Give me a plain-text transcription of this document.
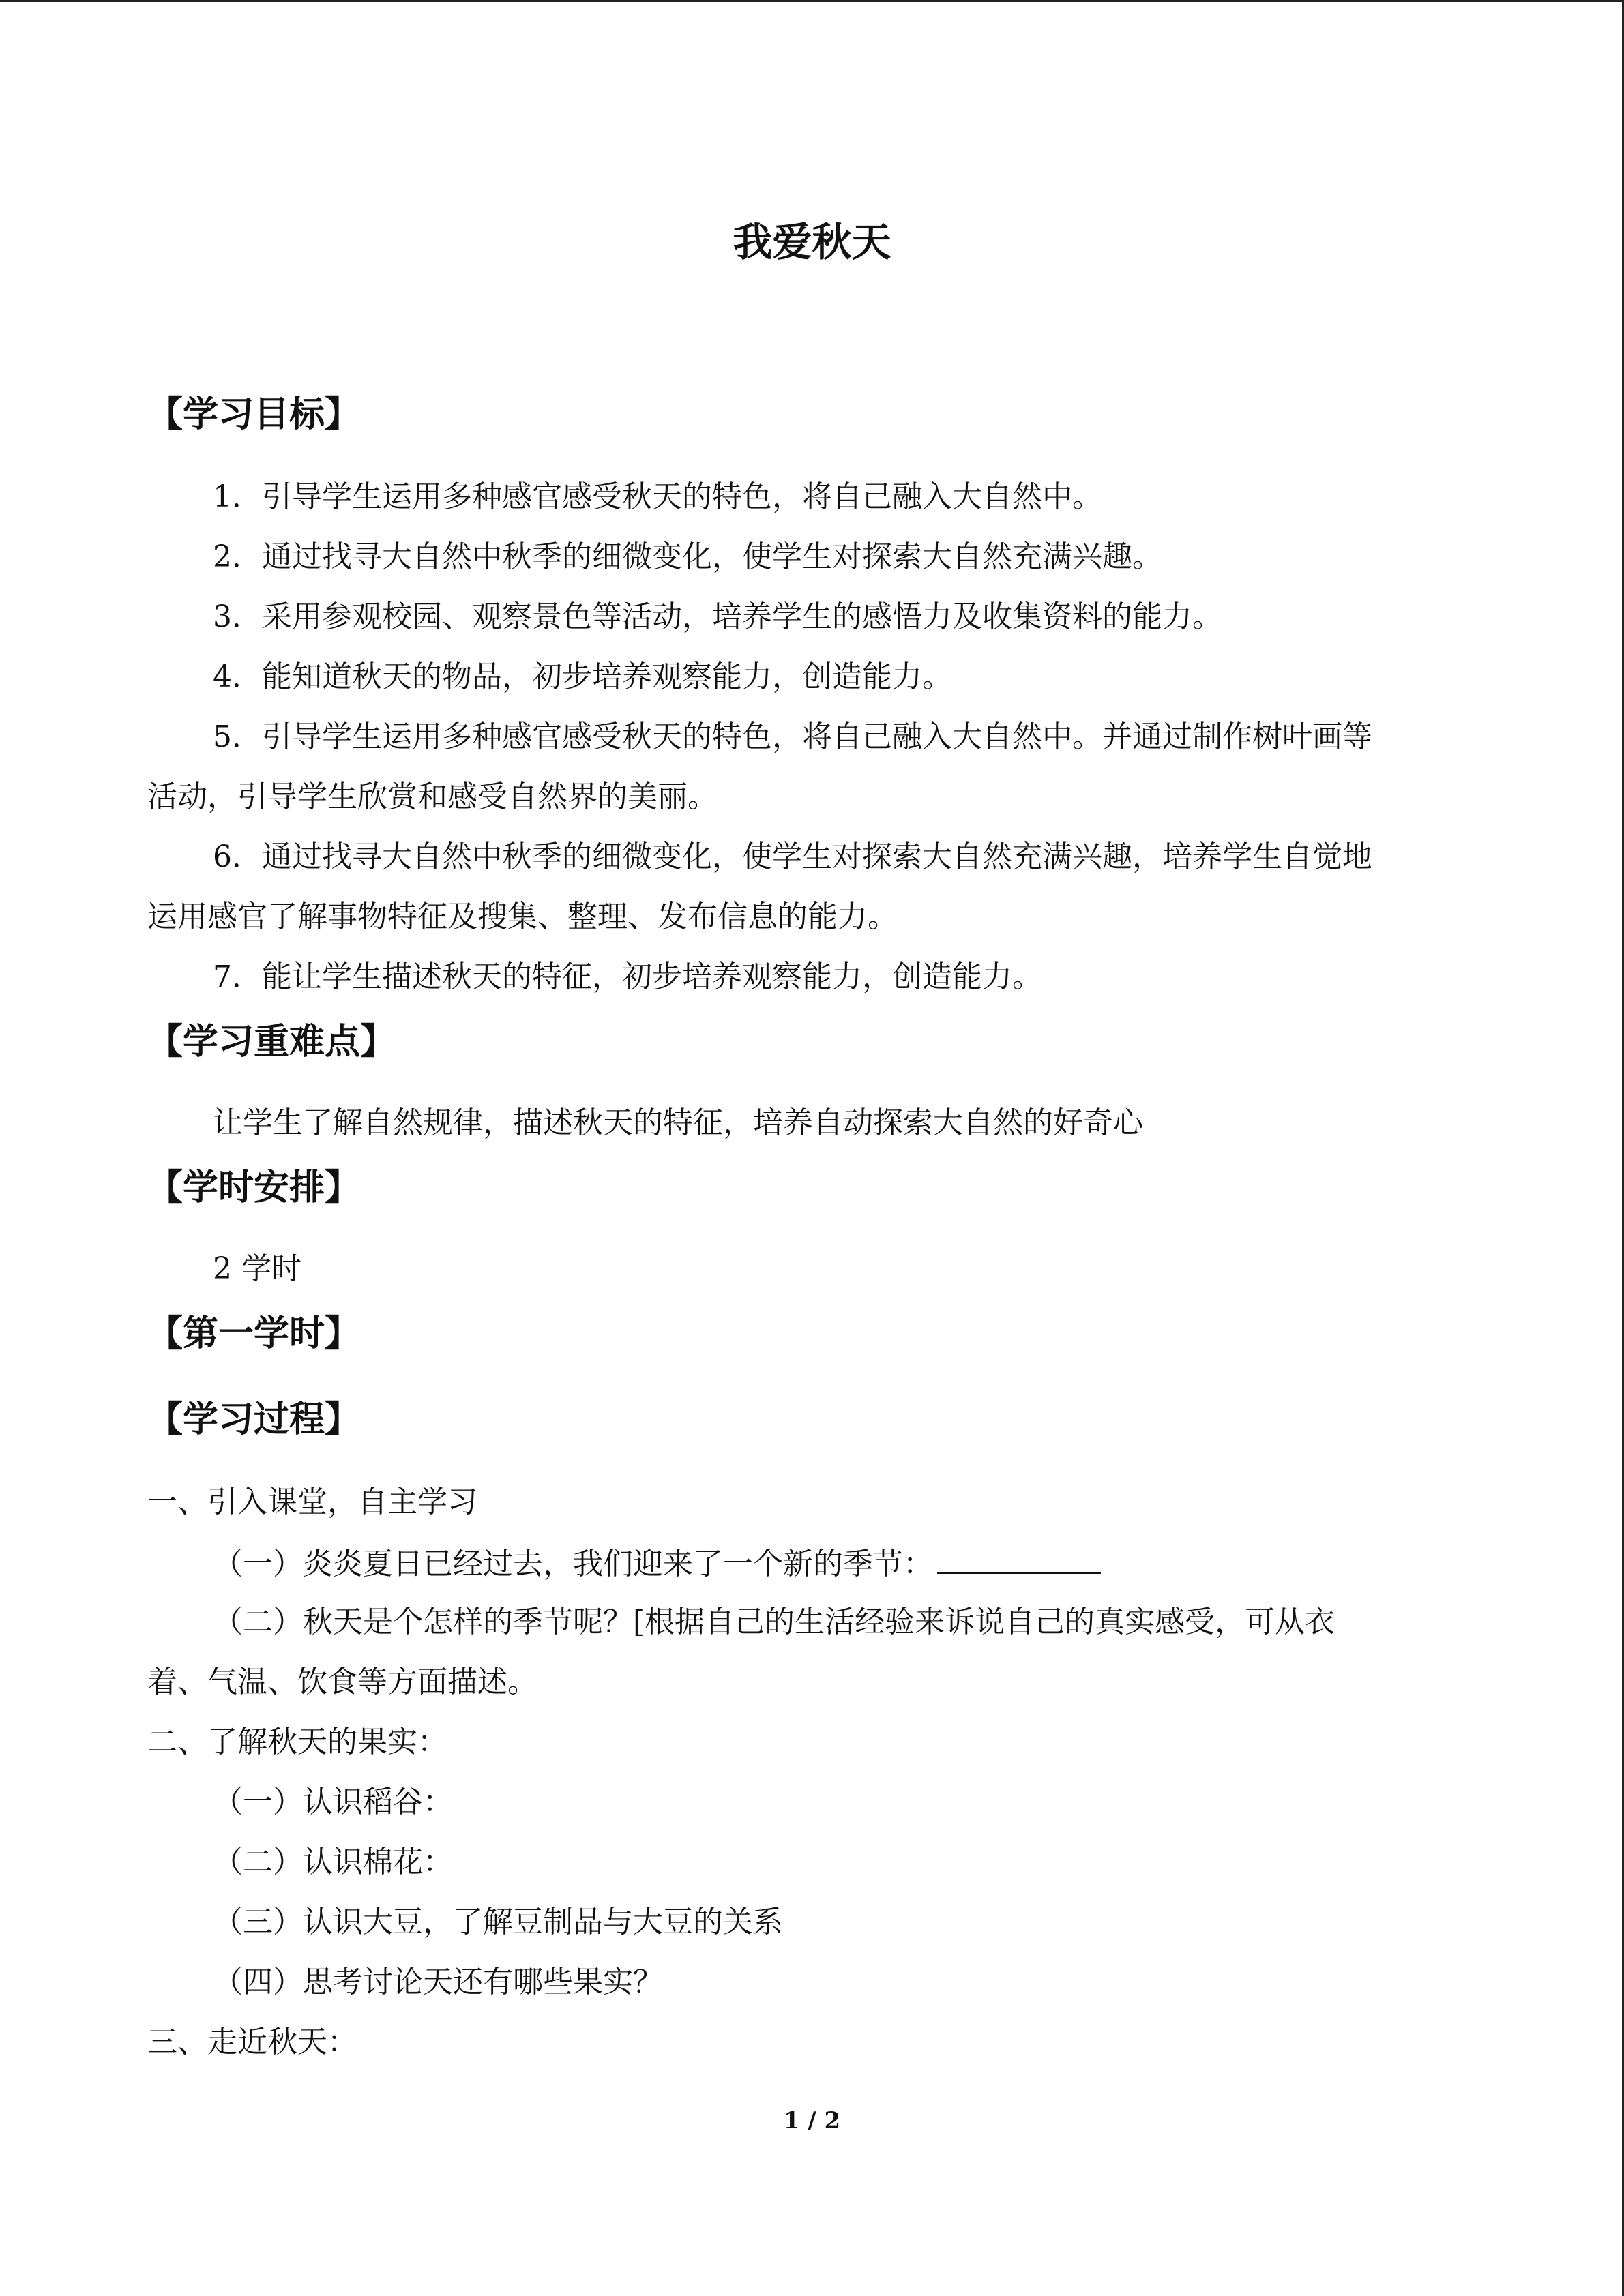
我爱秋天
【学习目标】
1．引导学生运用多种感官感受秋天的特色，将自己融入大自然中。
2．通过找寻大自然中秋季的细微变化，使学生对探索大自然充满兴趣。
3．采用参观校园、观察景色等活动，培养学生的感悟力及收集资料的能力。
4．能知道秋天的物品，初步培养观察能力，创造能力。
5．引导学生运用多种感官感受秋天的特色，将自己融入大自然中。并通过制作树叶画等
活动，引导学生欣赏和感受自然界的美丽。
6．通过找寻大自然中秋季的细微变化，使学生对探索大自然充满兴趣，培养学生自觉地
运用感官了解事物特征及搜集、整理、发布信息的能力。
7．能让学生描述秋天的特征，初步培养观察能力，创造能力。
【学习重难点】
让学生了解自然规律，描述秋天的特征，培养自动探索大自然的好奇心
【学时安排】
2 学时
【第一学时】
【学习过程】
一、引入课堂，自主学习
（一）炎炎夏日已经过去，我们迎来了一个新的季节：
（二）秋天是个怎样的季节呢？[根据自己的生活经验来诉说自己的真实感受，可从衣
着、气温、饮食等方面描述。
二、了解秋天的果实：
（一）认识稻谷：
（二）认识棉花：
（三）认识大豆，了解豆制品与大豆的关系
（四）思考讨论天还有哪些果实？
三、走近秋天：
1 / 2
